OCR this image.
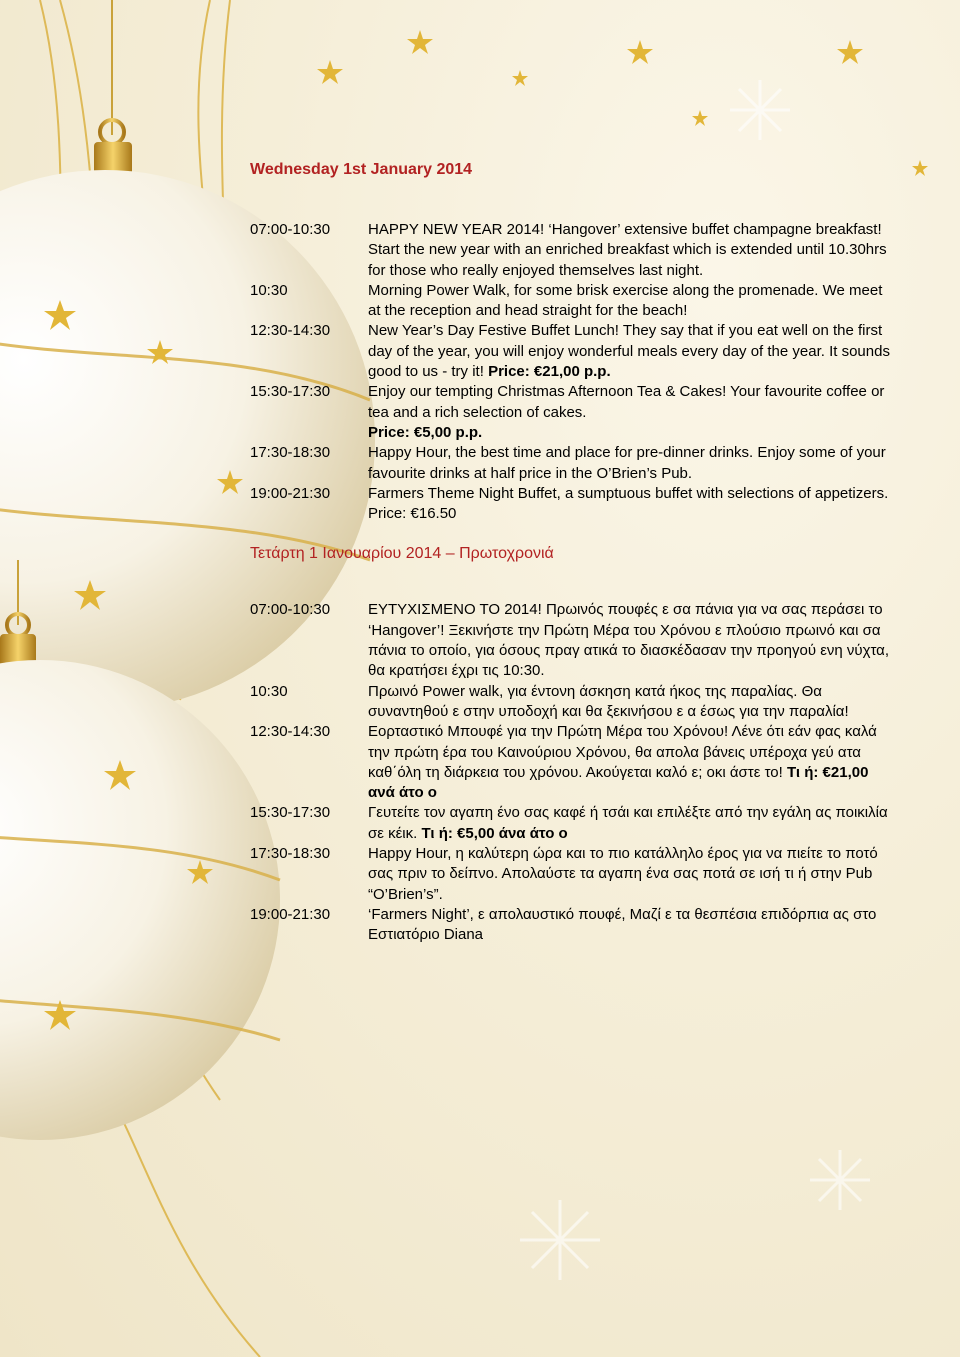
Wednesday 1st January 2014
07:00-10:30	HAPPY NEW YEAR 2014! ‘Hangover’ extensive buffet champagne breakfast! Start the new year with an enriched breakfast which is extended until 10.30hrs for those who really enjoyed themselves last night.
10:30	Morning Power Walk, for some brisk exercise along the promenade. We meet at the reception and head straight for the beach!
12:30-14:30	New Year’s Day Festive Buffet Lunch! They say that if you eat well on the first day of the year, you will enjoy wonderful meals every day of the year. It sounds good to us - try it! Price: €21,00 p.p.
15:30-17:30	Enjoy our tempting Christmas Afternoon Tea & Cakes! Your favourite coffee or tea and a rich selection of cakes.
Price: €5,00 p.p.
17:30-18:30	Happy Hour, the best time and place for pre-dinner drinks. Enjoy some of your favourite drinks at half price in the O’Brien’s Pub.
19:00-21:30	Farmers Theme Night Buffet, a sumptuous buffet with selections of appetizers. Price: €16.50
Τετάρτη 1 Ιανουαρίου 2014 – Πρωτοχρονιά
07:00-10:30	ΕΥΤΥΧΙΣΜΕΝΟ ΤΟ 2014! Πρωινός πουφές ε σα πάνια για να σας περάσει το ‘Hangover’! Ξεκινήστε την Πρώτη Μέρα του Χρόνου ε πλούσιο πρωινό και σα πάνια το οποίο, για όσους πραγ ατικά το διασκέδασαν την προηγού ενη νύχτα, θα κρατήσει έχρι τις 10:30.
10:30	Πρωινό Power walk, για έντονη άσκηση κατά ήκος της παραλίας. Θα συναντηθού ε στην υποδοχή και θα ξεκινήσου ε α έσως για την παραλία!
12:30-14:30	Εορταστικό Μπουφέ για την Πρώτη Μέρα του Χρόνου! Λένε ότι εάν φας καλά την πρώτη έρα του Καινούριου Χρόνου, θα απολα βάνεις υπέροχα γεύ ατα καθ΄όλη τη διάρκεια του χρόνου. Ακούγεται καλό ε; οκι άστε το! Τι ή: €21,00 ανά άτο ο
15:30-17:30	Γευτείτε τον αγαπη ένο σας καφέ ή τσάι και επιλέξτε από την εγάλη ας ποικιλία σε κέικ. Τι ή: €5,00 άνα άτο ο
17:30-18:30	Happy Hour, η καλύτερη ώρα και το πιο κατάλληλο έρος για να πιείτε το ποτό σας πριν το δείπνο. Απολαύστε τα αγαπη ένα σας ποτά σε ισή τι ή στην Pub “O’Brien’s”.
19:00-21:30	‘Farmers Night’, ε απολαυστικό πουφέ, Μαζί ε τα θεσπέσια επιδόρπια ας στο Εστιατόριο Diana
